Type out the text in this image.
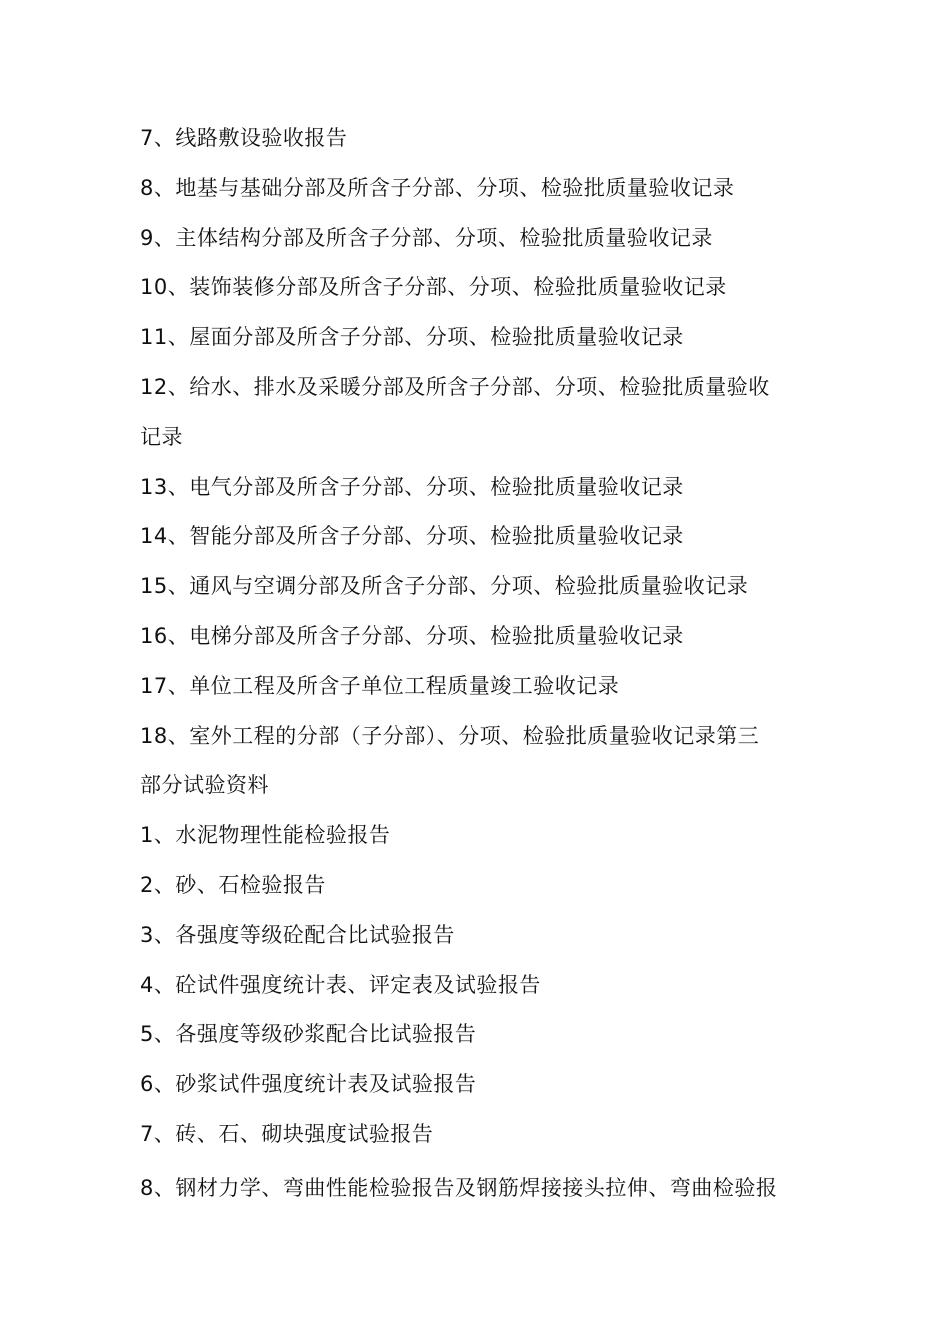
7、线路敷设验收报告
8、地基与基础分部及所含子分部、分项、检验批质量验收记录
9、主体结构分部及所含子分部、分项、检验批质量验收记录
10、装饰装修分部及所含子分部、分项、检验批质量验收记录
11、屋面分部及所含子分部、分项、检验批质量验收记录
12、给水、排水及采暖分部及所含子分部、分项、检验批质量验收
记录
13、电气分部及所含子分部、分项、检验批质量验收记录
14、智能分部及所含子分部、分项、检验批质量验收记录
15、通风与空调分部及所含子分部、分项、检验批质量验收记录
16、电梯分部及所含子分部、分项、检验批质量验收记录
17、单位工程及所含子单位工程质量竣工验收记录
18、室外工程的分部（子分部）、分项、检验批质量验收记录第三
部分试验资料
1、水泥物理性能检验报告
2、砂、石检验报告
3、各强度等级砼配合比试验报告
4、砼试件强度统计表、评定表及试验报告
5、各强度等级砂浆配合比试验报告
6、砂浆试件强度统计表及试验报告
7、砖、石、砌块强度试验报告
8、钢材力学、弯曲性能检验报告及钢筋焊接接头拉伸、弯曲检验报
